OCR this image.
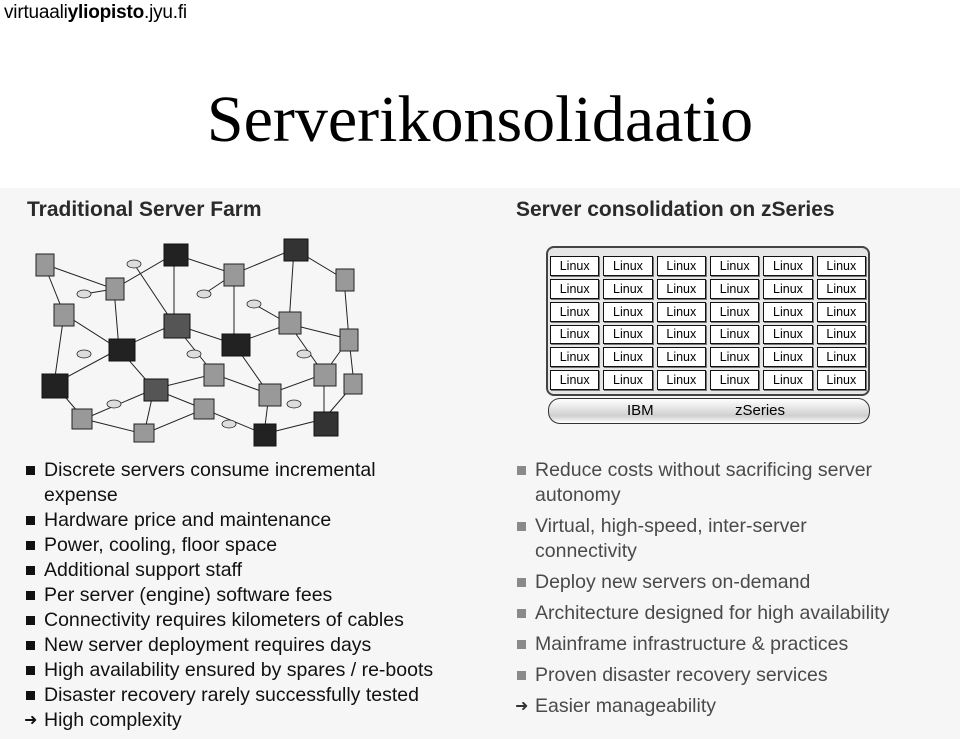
virtuaaliyliopisto.jyu.fi
Serverikonsolidaatio
Traditional Server Farm	Server consolidation on zSeries
Linux	Linux	Linux	Linux	Linux	Linux
Linux	Linux	Linux	Linux	Linux	Linux
Linux	Linux	Linux	Linux	Linux	Linux
Linux	Linux	Linux	Linux	Linux	Linux
Linux	Linux	Linux	Linux	Linux	Linux
Linux	Linux	Linux	Linux	Linux	Linux
IBM	zSeries
Discrete servers consume incremental
expense
Hardware price and maintenance
Power, cooling, floor space
Additional support staff
Per server (engine) software fees
Connectivity requires kilometers of cables
New server deployment requires days
High availability ensured by spares / re-boots
Disaster recovery rarely successfully tested
➜ High complexity
Reduce costs without sacrificing server
autonomy
Virtual, high-speed, inter-server
connectivity
Deploy new servers on-demand
Architecture designed for high availability
Mainframe infrastructure & practices
Proven disaster recovery services
➜ Easier manageability
